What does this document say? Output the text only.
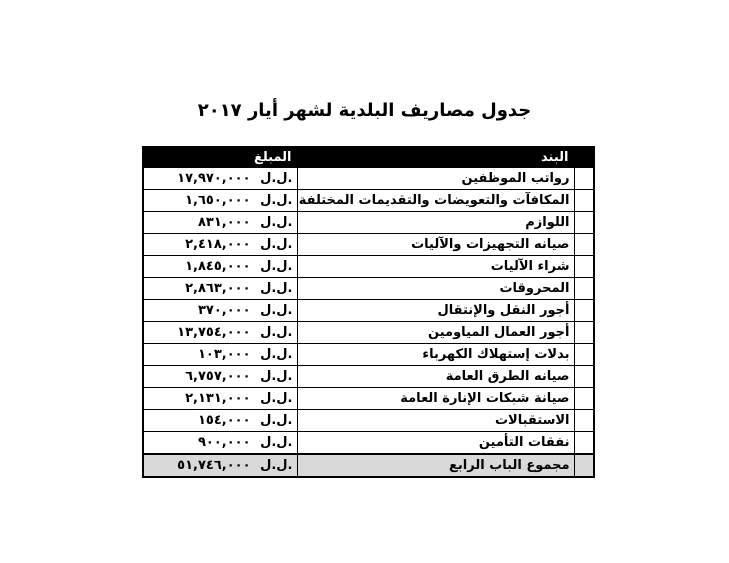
جدول مصاريف البلدية لشهر أيار ٢٠١٧
المبلغ	البند	
١٧,٩٧٠,٠٠٠ ل.ل.	رواتب الموظفين	
١,٦٥٠,٠٠٠ ل.ل.	المكافآت والتعويضات والتقديمات المختلفة	
٨٣١,٠٠٠ ل.ل.	اللوازم	
٢,٤١٨,٠٠٠ ل.ل.	صيانه التجهيزات والآليات	
١,٨٤٥,٠٠٠ ل.ل.	شراء الآليات	
٢,٨٦٣,٠٠٠ ل.ل.	المحروقات	
٣٧٠,٠٠٠ ل.ل.	أجور النقل والإنتقال	
١٣,٧٥٤,٠٠٠ ل.ل.	أجور العمال المياومين	
١٠٣,٠٠٠ ل.ل.	بدلات إستهلاك الكهرباء	
٦,٧٥٧,٠٠٠ ل.ل.	صيانه الطرق العامة	
٢,١٣١,٠٠٠ ل.ل.	صيانة شبكات الإنارة العامة	
١٥٤,٠٠٠ ل.ل.	الاستقبالات	
٩٠٠,٠٠٠ ل.ل.	نفقات التأمين	
٥١,٧٤٦,٠٠٠ ل.ل.	مجموع الباب الرابع	
